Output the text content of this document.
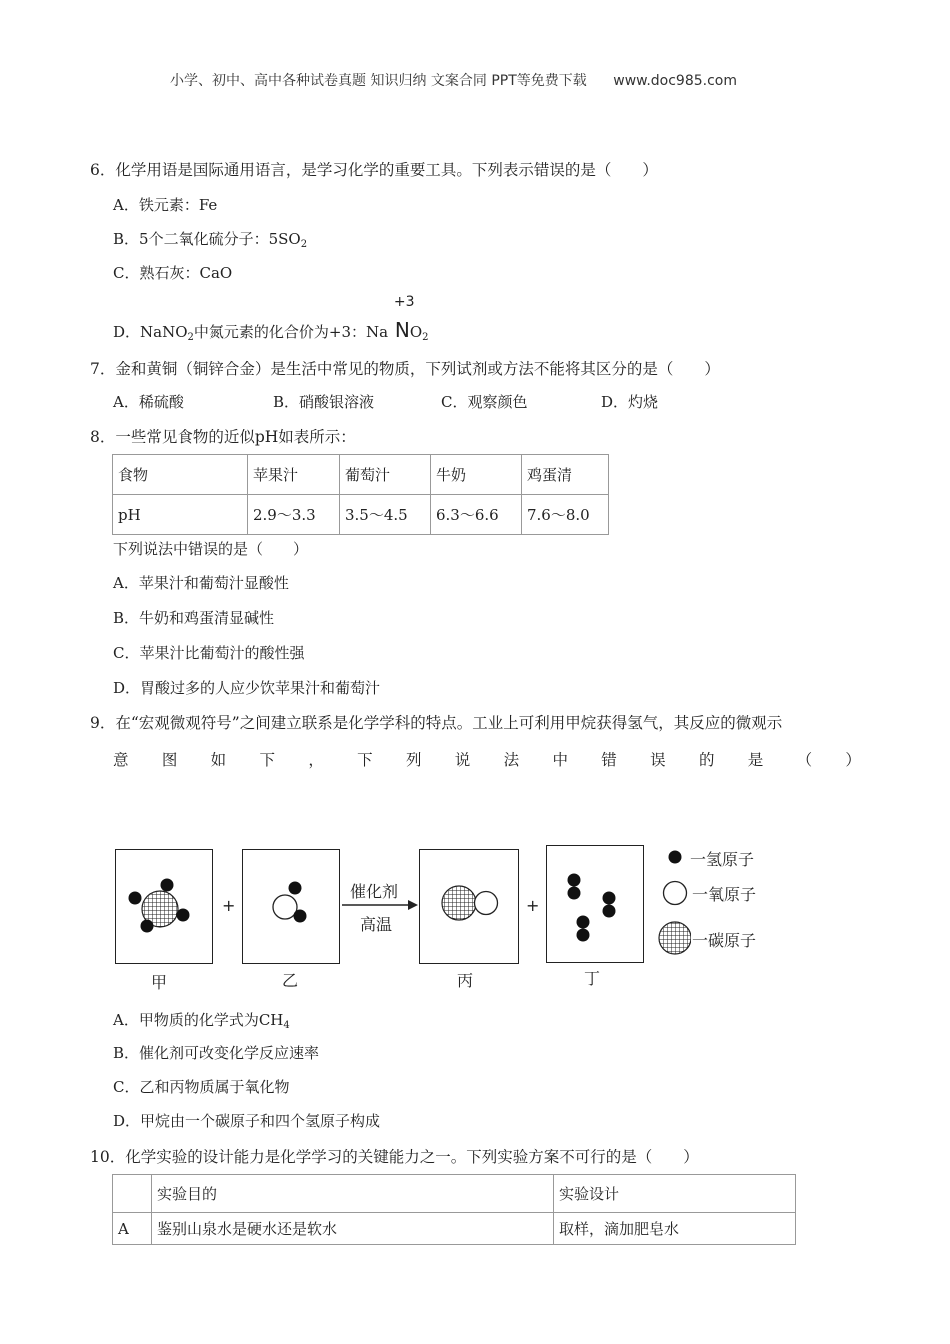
小学、初中、高中各种试卷真题 知识归纳 文案合同 PPT等免费下载 www.doc985.com
6．化学用语是国际通用语言，是学习化学的重要工具。下列表示错误的是（　　）
A．铁元素：Fe
B．5个二氧化硫分子：$5SO_2$
C．熟石灰：CaO
D．NaNO$_2$中氮元素的化合价为+3：Na
+3
$NO_2$
7．金和黄铜（铜锌合金）是生活中常见的物质，下列试剂或方法不能将其区分的是（　　）
A．稀硫酸	B．硝酸银溶液	C．观察颜色	D．灼烧
8．一些常见食物的近似pH如表所示：
食物	苹果汁	葡萄汁	牛奶	鸡蛋清
pH	2.9～3.3	3.5～4.5	6.3～6.6	7.6～8.0
下列说法中错误的是（　　）
A．苹果汁和葡萄汁显酸性
B．牛奶和鸡蛋清显碱性
C．苹果汁比葡萄汁的酸性强
D．胃酸过多的人应少饮苹果汁和葡萄汁
9．在“宏观微观符号”之间建立联系是化学学科的特点。工业上可利用甲烷获得氢气，其反应的微观示
意 图 如 下 ， 下 列 说 法 中 错 误 的 是 （ ）
+
催化剂
高温
+
甲	乙	丙	丁
一氢原子
一氧原子
一碳原子
A．甲物质的化学式为$CH_4$
B．催化剂可改变化学反应速率
C．乙和丙物质属于氧化物
D．甲烷由一个碳原子和四个氢原子构成
10．化学实验的设计能力是化学学习的关键能力之一。下列实验方案不可行的是（　　）
	实验目的	实验设计
A	鉴别山泉水是硬水还是软水	取样，滴加肥皂水
